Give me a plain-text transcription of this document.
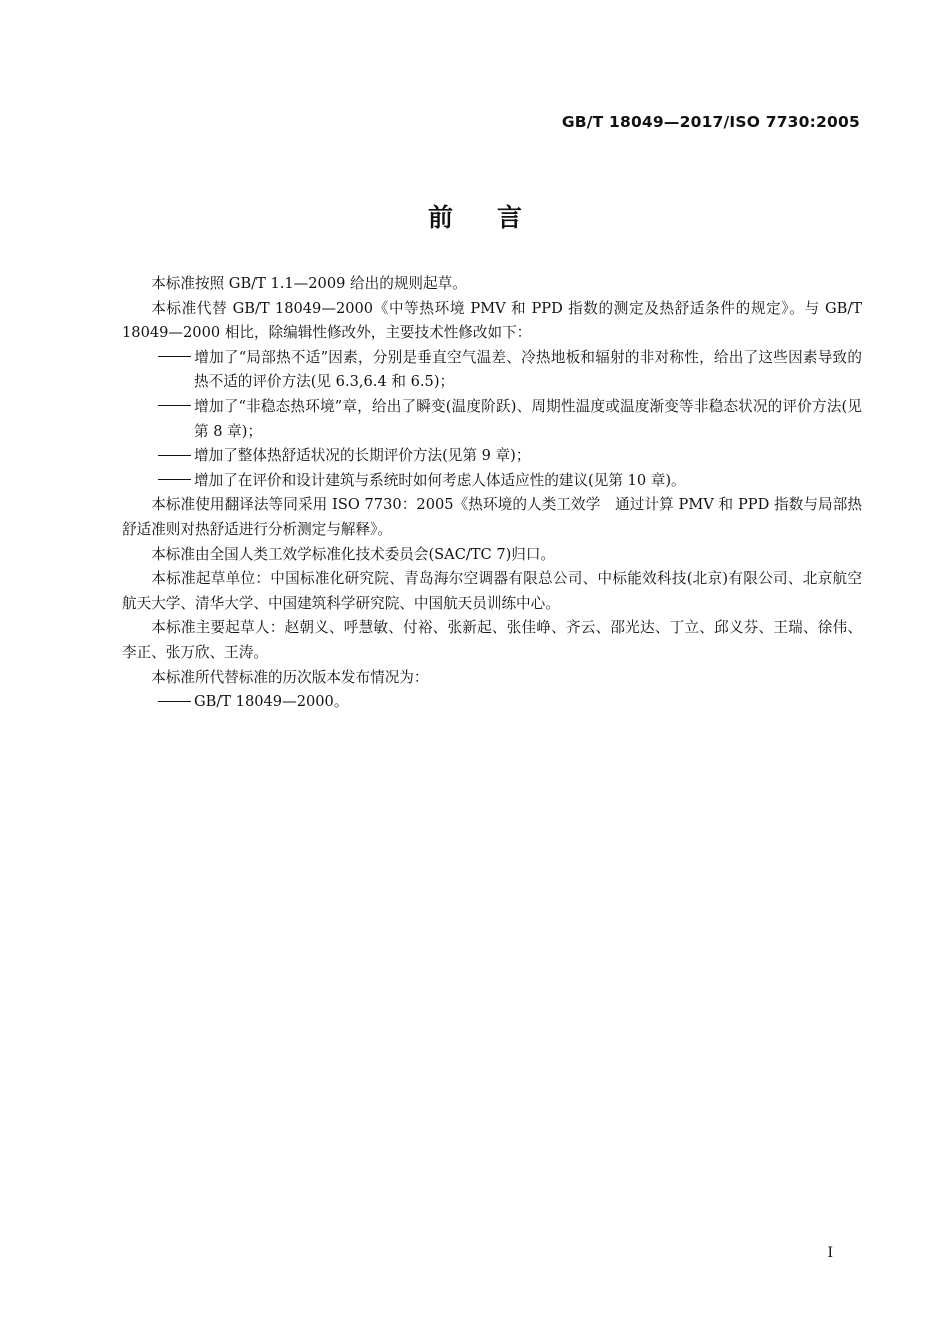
GB/T 18049—2017/ISO 7730:2005
前言

本标准按照 GB/T 1.1—2009 给出的规则起草。

本标准代替 GB/T 18049—2000《中等热环境 PMV 和 PPD 指数的测定及热舒适条件的规定》。与 GB/T 18049—2000 相比，除编辑性修改外，主要技术性修改如下：

增加了“局部热不适”因素，分别是垂直空气温差、冷热地板和辐射的非对称性，给出了这些因素导致的热不适的评价方法(见 6.3,6.4 和 6.5)；

增加了“非稳态热环境”章，给出了瞬变(温度阶跃)、周期性温度或温度渐变等非稳态状况的评价方法(见第 8 章)；

增加了整体热舒适状况的长期评价方法(见第 9 章)；

增加了在评价和设计建筑与系统时如何考虑人体适应性的建议(见第 10 章)。

本标准使用翻译法等同采用 ISO 7730：2005《热环境的人类工效学　通过计算 PMV 和 PPD 指数与局部热舒适准则对热舒适进行分析测定与解释》。

本标准由全国人类工效学标准化技术委员会(SAC/TC 7)归口。

本标准起草单位：中国标准化研究院、青岛海尔空调器有限总公司、中标能效科技(北京)有限公司、北京航空航天大学、清华大学、中国建筑科学研究院、中国航天员训练中心。

本标准主要起草人：赵朝义、呼慧敏、付裕、张新起、张佳峥、齐云、邵光达、丁立、邱义芬、王瑞、徐伟、李正、张万欣、王涛。

本标准所代替标准的历次版本发布情况为：

GB/T 18049—2000。

I
